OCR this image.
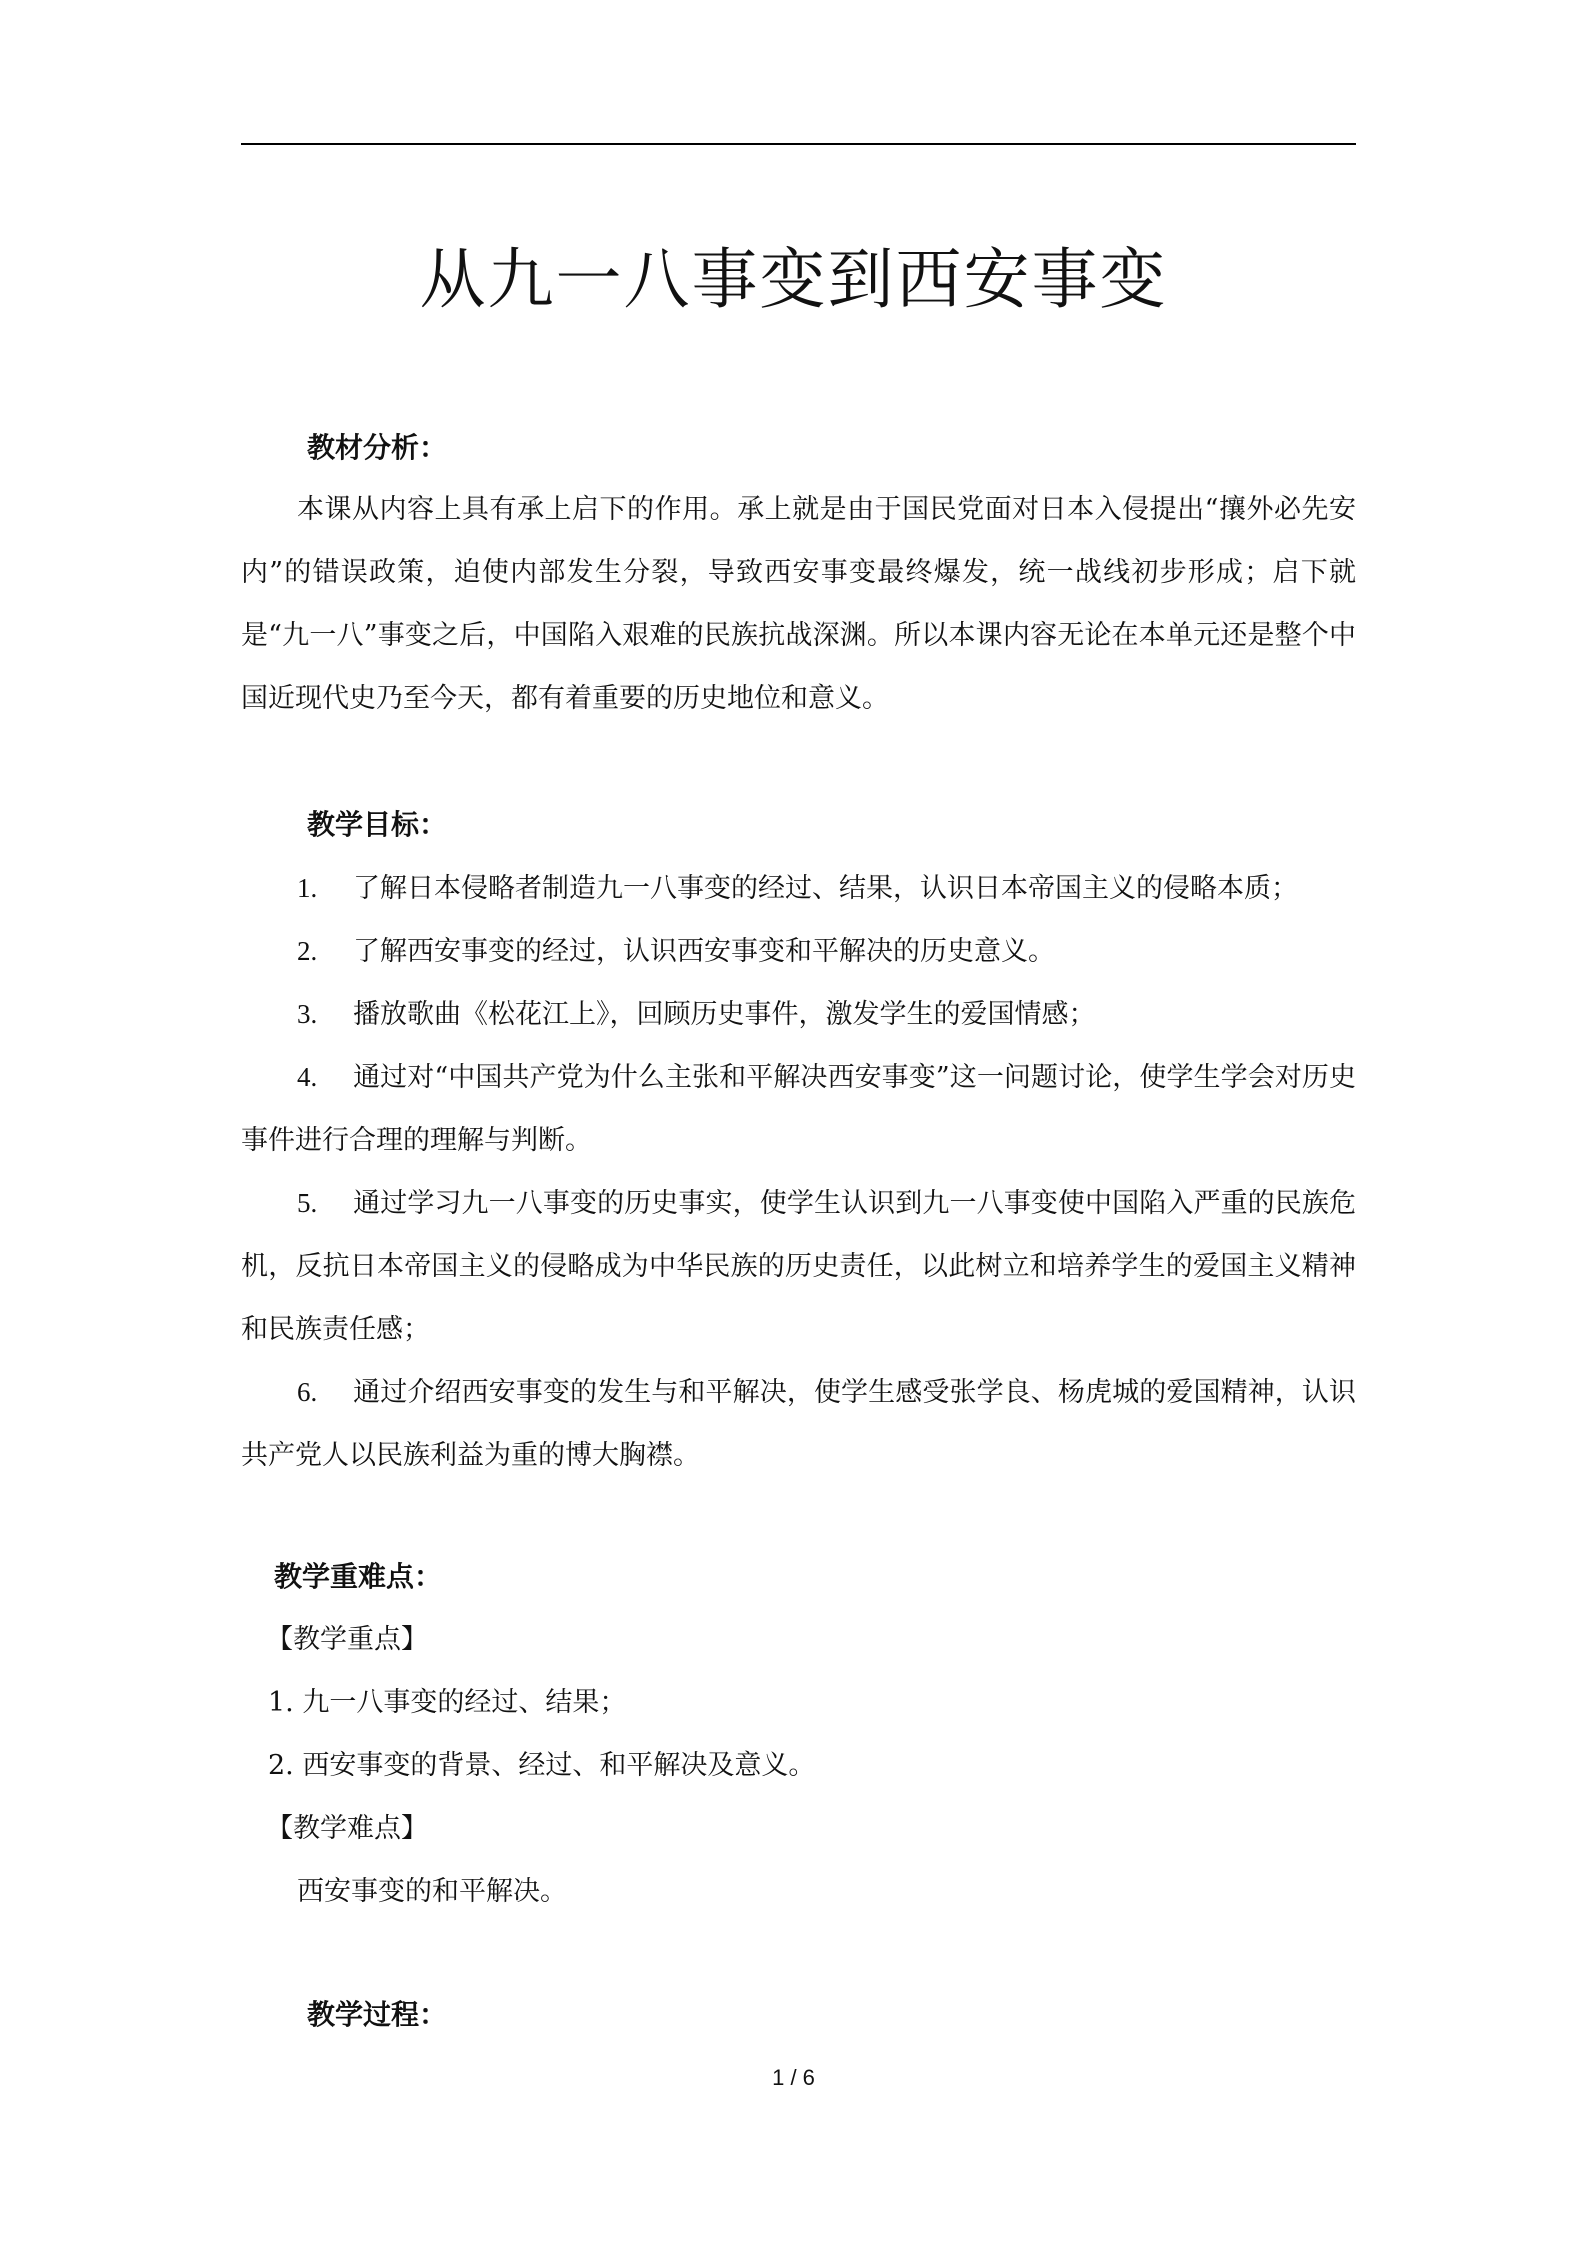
从九一八事变到西安事变
教材分析：
本课从内容上具有承上启下的作用。承上就是由于国民党面对日本入侵提出“攘外必先安内”的错误政策，迫使内部发生分裂，导致西安事变最终爆发，统一战线初步形成；启下就是“九一八”事变之后，中国陷入艰难的民族抗战深渊。所以本课内容无论在本单元还是整个中国近现代史乃至今天，都有着重要的历史地位和意义。
教学目标：
1. 了解日本侵略者制造九一八事变的经过、结果，认识日本帝国主义的侵略本质；
2. 了解西安事变的经过，认识西安事变和平解决的历史意义。
3. 播放歌曲《松花江上》，回顾历史事件，激发学生的爱国情感；
4. 通过对“中国共产党为什么主张和平解决西安事变”这一问题讨论，使学生学会对历史事件进行合理的理解与判断。
5. 通过学习九一八事变的历史事实，使学生认识到九一八事变使中国陷入严重的民族危机，反抗日本帝国主义的侵略成为中华民族的历史责任，以此树立和培养学生的爱国主义精神和民族责任感；
6. 通过介绍西安事变的发生与和平解决，使学生感受张学良、杨虎城的爱国精神，认识共产党人以民族利益为重的博大胸襟。
教学重难点：
【教学重点】
1. 九一八事变的经过、结果；
2. 西安事变的背景、经过、和平解决及意义。
【教学难点】
西安事变的和平解决。
教学过程：
1 / 6
